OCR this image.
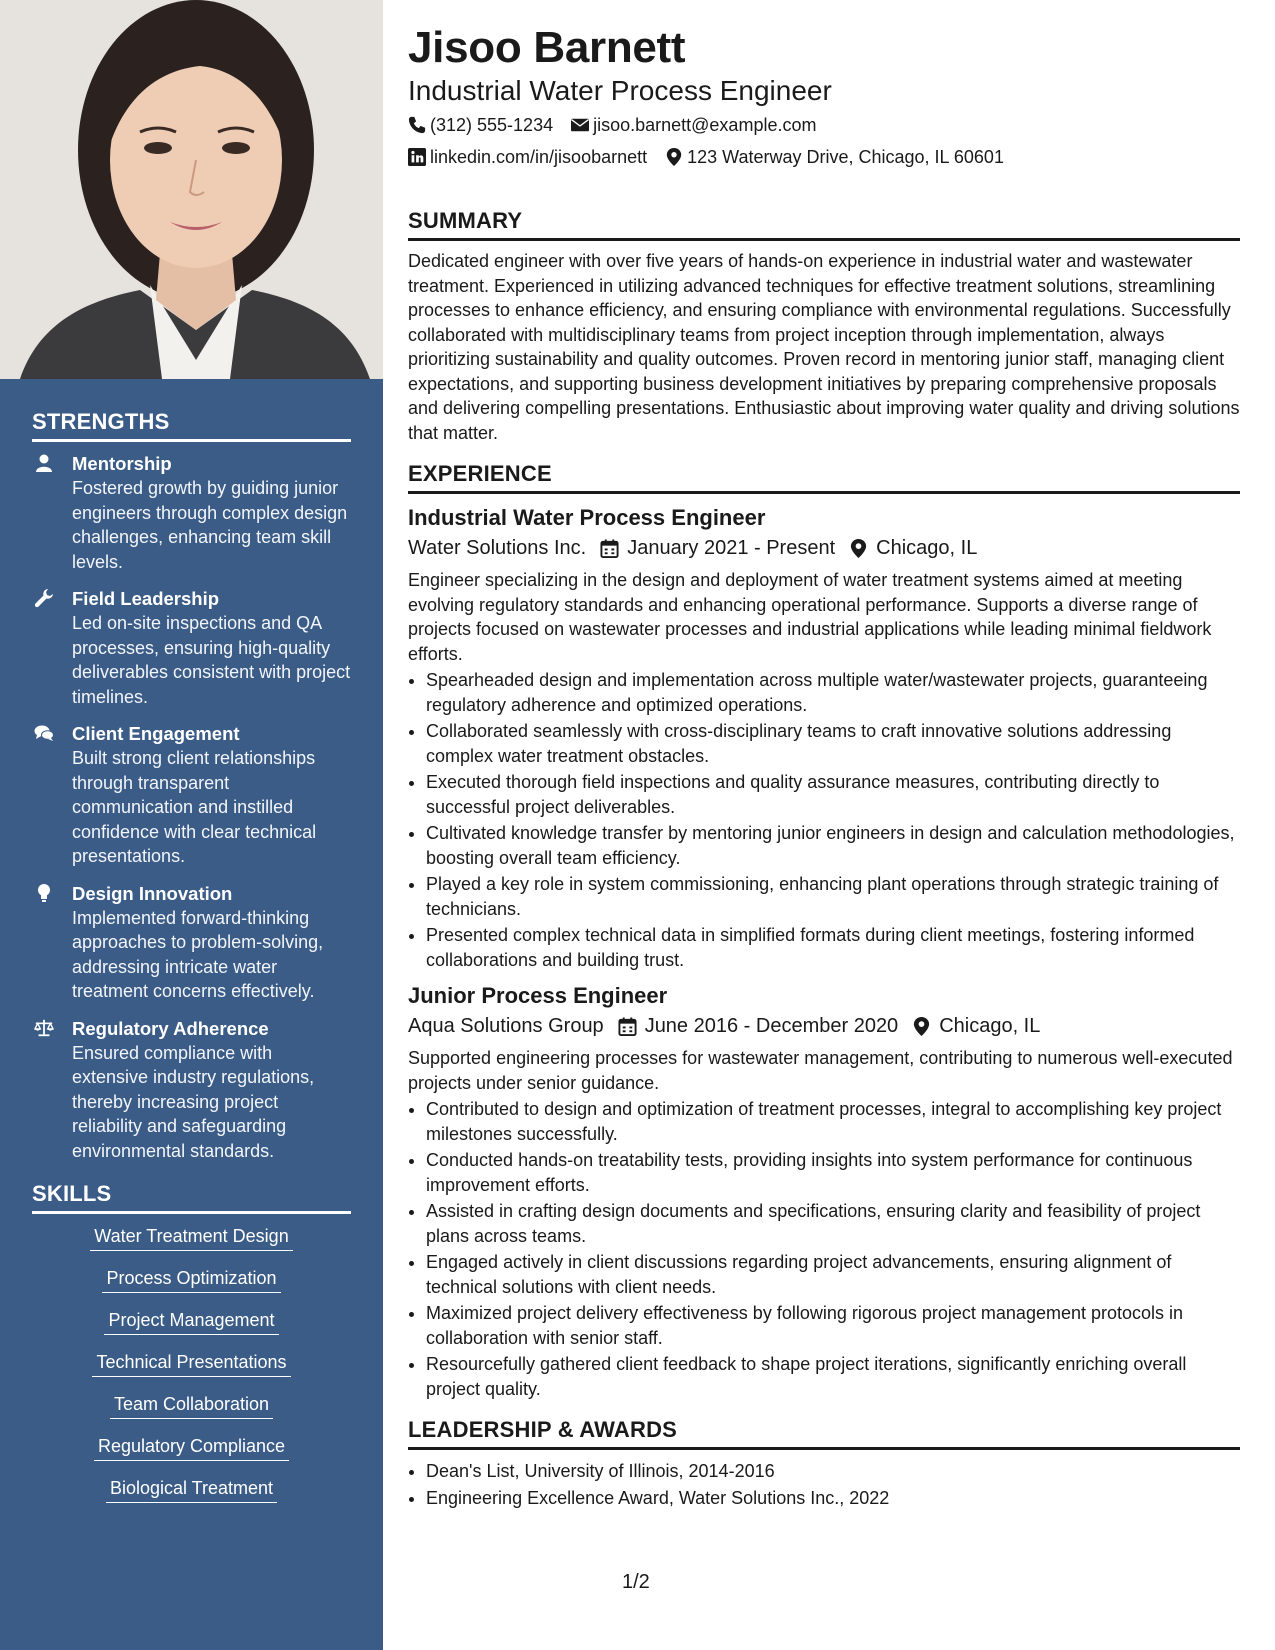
STRENGTHS
Mentorship
Fostered growth by guiding junior engineers through complex design challenges, enhancing team skill levels.
Field Leadership
Led on-site inspections and QA processes, ensuring high-quality deliverables consistent with project timelines.
Client Engagement
Built strong client relationships through transparent communication and instilled confidence with clear technical presentations.
Design Innovation
Implemented forward-thinking approaches to problem-solving, addressing intricate water treatment concerns effectively.
Regulatory Adherence
Ensured compliance with extensive industry regulations, thereby increasing project reliability and safeguarding environmental standards.
SKILLS
Water Treatment Design
Process Optimization
Project Management
Technical Presentations
Team Collaboration
Regulatory Compliance
Biological Treatment
Jisoo Barnett
Industrial Water Process Engineer
(312) 555-1234 jisoo.barnett@example.com
linkedin.com/in/jisoobarnett 123 Waterway Drive, Chicago, IL 60601
SUMMARY

Dedicated engineer with over five years of hands-on experience in industrial water and wastewater treatment. Experienced in utilizing advanced techniques for effective treatment solutions, streamlining processes to enhance efficiency, and ensuring compliance with environmental regulations. Successfully collaborated with multidisciplinary teams from project inception through implementation, always prioritizing sustainability and quality outcomes. Proven record in mentoring junior staff, managing client expectations, and supporting business development initiatives by preparing comprehensive proposals and delivering compelling presentations. Enthusiastic about improving water quality and driving solutions that matter.

EXPERIENCE
Industrial Water Process Engineer
Water Solutions Inc. January 2021 - Present Chicago, IL

Engineer specializing in the design and deployment of water treatment systems aimed at meeting evolving regulatory standards and enhancing operational performance. Supports a diverse range of projects focused on wastewater processes and industrial applications while leading minimal fieldwork efforts.

• Spearheaded design and implementation across multiple water/wastewater projects, guaranteeing regulatory adherence and optimized operations.
• Collaborated seamlessly with cross-disciplinary teams to craft innovative solutions addressing complex water treatment obstacles.
• Executed thorough field inspections and quality assurance measures, contributing directly to successful project deliverables.
• Cultivated knowledge transfer by mentoring junior engineers in design and calculation methodologies, boosting overall team efficiency.
• Played a key role in system commissioning, enhancing plant operations through strategic training of technicians.
• Presented complex technical data in simplified formats during client meetings, fostering informed collaborations and building trust.
Junior Process Engineer
Aqua Solutions Group June 2016 - December 2020 Chicago, IL

Supported engineering processes for wastewater management, contributing to numerous well-executed projects under senior guidance.

• Contributed to design and optimization of treatment processes, integral to accomplishing key project milestones successfully.
• Conducted hands-on treatability tests, providing insights into system performance for continuous improvement efforts.
• Assisted in crafting design documents and specifications, ensuring clarity and feasibility of project plans across teams.
• Engaged actively in client discussions regarding project advancements, ensuring alignment of technical solutions with client needs.
• Maximized project delivery effectiveness by following rigorous project management protocols in collaboration with senior staff.
• Resourcefully gathered client feedback to shape project iterations, significantly enriching overall project quality.
LEADERSHIP & AWARDS
• Dean's List, University of Illinois, 2014-2016
• Engineering Excellence Award, Water Solutions Inc., 2022
1/2
